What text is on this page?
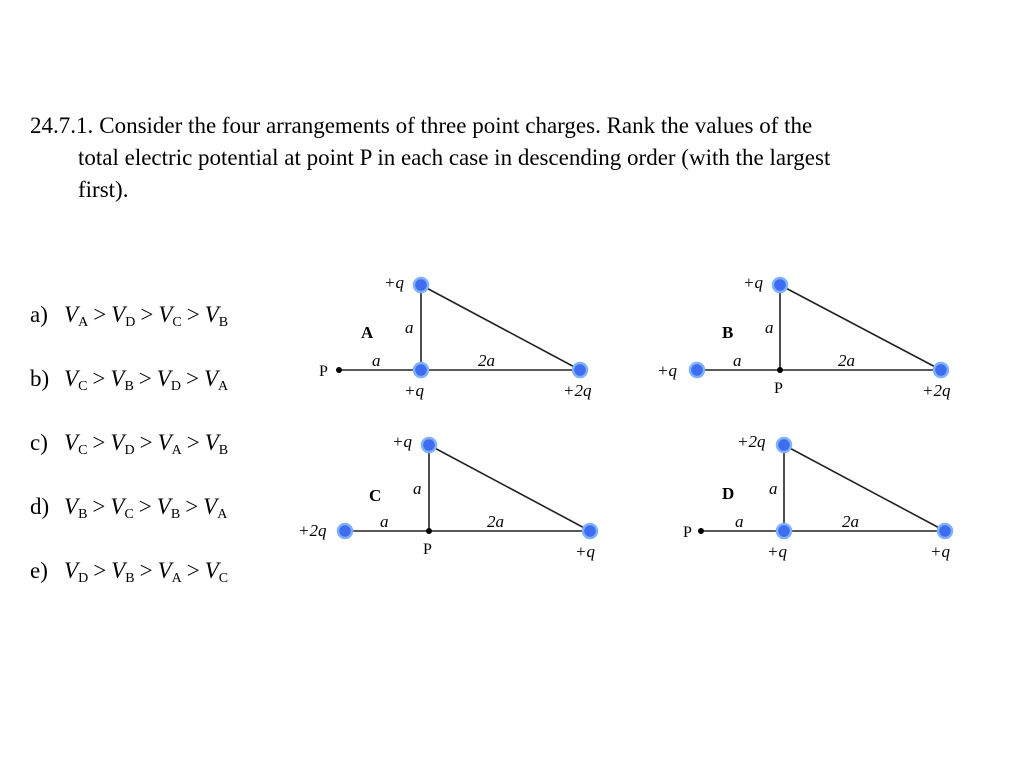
24.7.1. Consider the four arrangements of three point charges. Rank the values of the
total electric potential at point P in each case in descending order (with the largest
first).
a) $V_A > V_D > V_C > V_B$
b) $V_C > V_B > V_D > V_A$
c) $V_C > V_D > V_A > V_B$
d) $V_B > V_C > V_B > V_A$
e) $V_D > V_B > V_A > V_C$
+q
A a
P
a	2a
+q	+2q
+q
B a
+q
a	2a
P	+2q
+q
C a
+2q	a	2a
P	+q
+2q
D a
P
a	2a
+q	+q
